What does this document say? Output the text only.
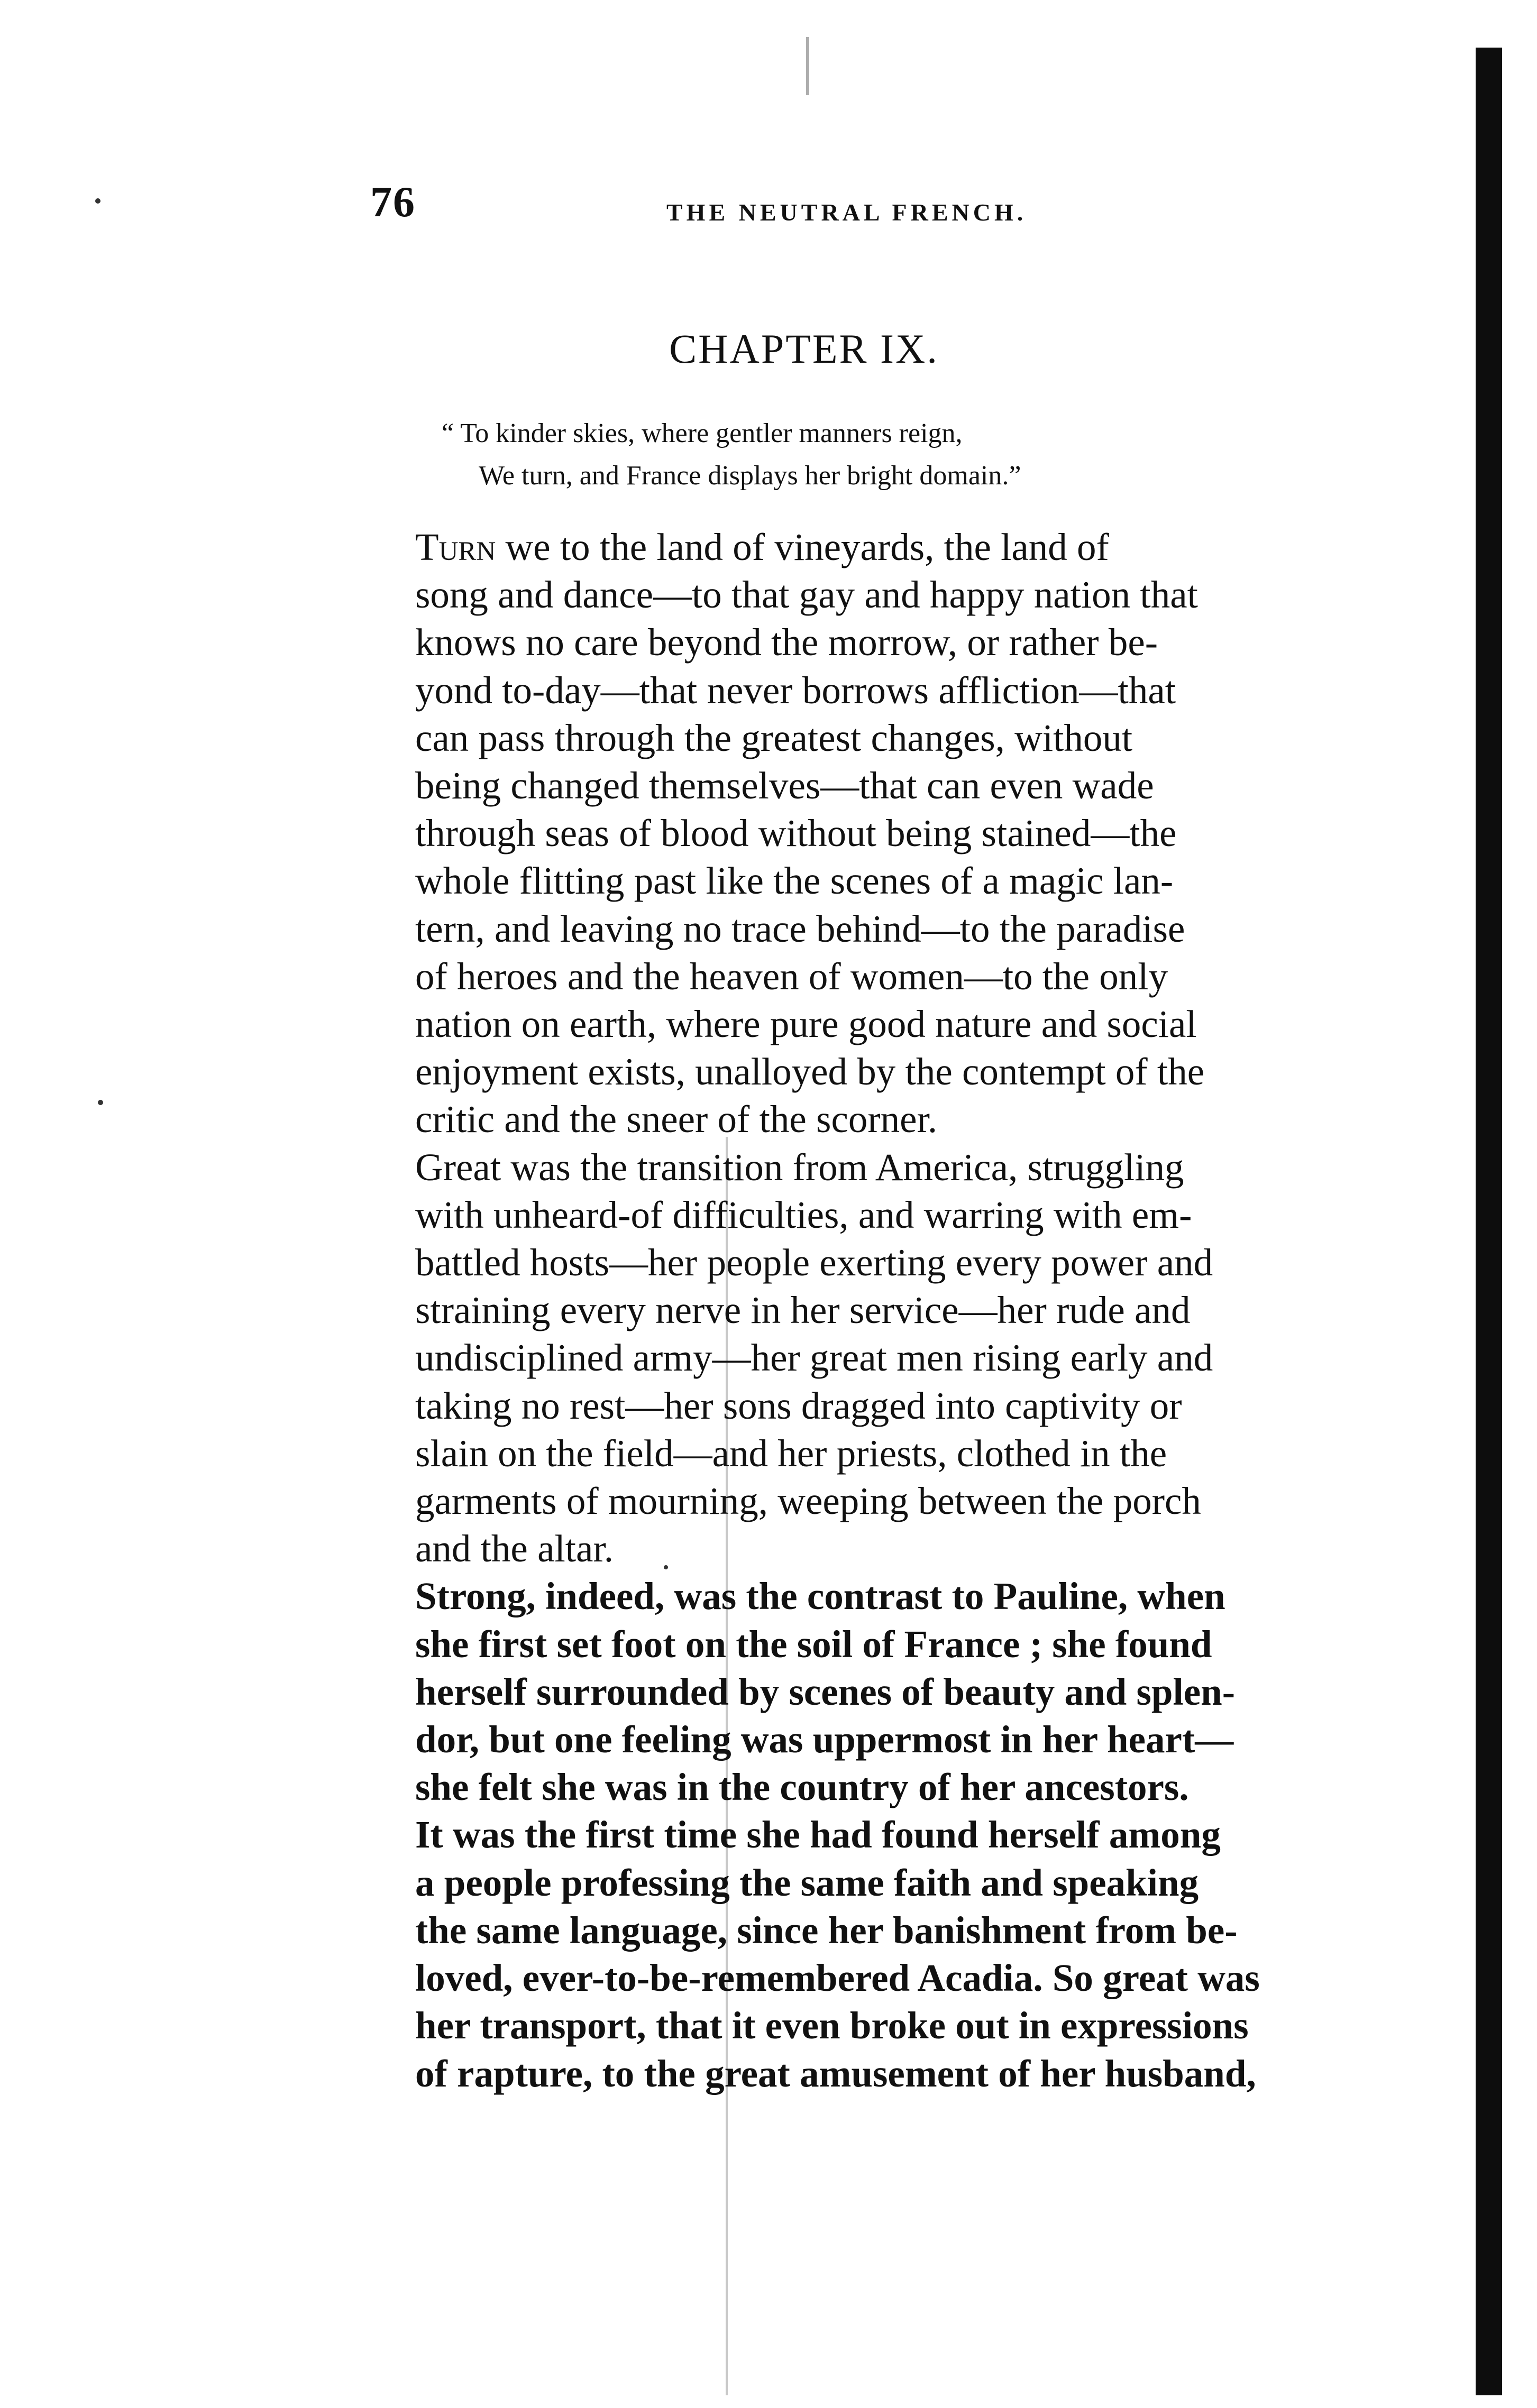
76	THE NEUTRAL FRENCH.
CHAPTER IX.
“ To kinder skies, where gentler manners reign,
We turn, and France displays her bright domain.”

Turn we to the land of vineyards, the land of
song and dance—to that gay and happy nation that
knows no care beyond the morrow, or rather be-
yond to-day—that never borrows affliction—that
can pass through the greatest changes, without
being changed themselves—that can even wade
through seas of blood without being stained—the
whole flitting past like the scenes of a magic lan-
tern, and leaving no trace behind—to the paradise
of heroes and the heaven of women—to the only
nation on earth, where pure good nature and social
enjoyment exists, unalloyed by the contempt of the
critic and the sneer of the scorner.

Great was the transition from America, struggling
with unheard-of difficulties, and warring with em-
battled hosts—her people exerting every power and
straining every nerve in her service—her rude and
undisciplined army—her great men rising early and
taking no rest—her sons dragged into captivity or
slain on the field—and her priests, clothed in the
garments of mourning, weeping between the porch
and the altar.

Strong, indeed, was the contrast to Pauline, when
she first set foot on the soil of France ; she found
herself surrounded by scenes of beauty and splen-
dor, but one feeling was uppermost in her heart—
she felt she was in the country of her ancestors.
It was the first time she had found herself among
a people professing the same faith and speaking
the same language, since her banishment from be-
loved, ever-to-be-remembered Acadia. So great was
her transport, that it even broke out in expressions
of rapture, to the great amusement of her husband,
